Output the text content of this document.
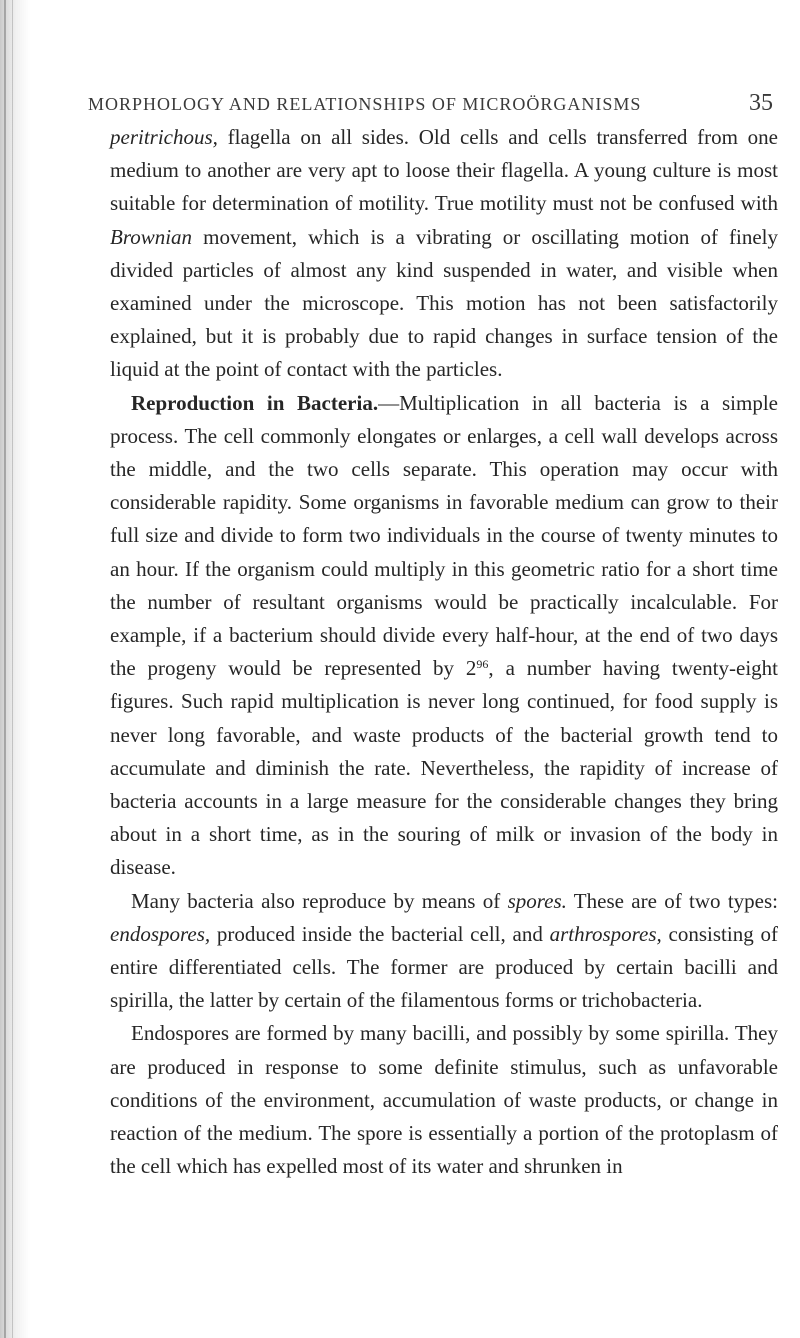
MORPHOLOGY AND RELATIONSHIPS OF MICROÖRGANISMS	35

peritrichous, flagella on all sides. Old cells and cells transferred from one medium to another are very apt to loose their flagella. A young culture is most suitable for determination of motility. True motility must not be confused with Brownian movement, which is a vibrating or oscillating motion of finely divided particles of almost any kind suspended in water, and visible when examined under the microscope. This motion has not been satisfactorily explained, but it is probably due to rapid changes in surface tension of the liquid at the point of contact with the particles.

Reproduction in Bacteria.—Multiplication in all bacteria is a simple process. The cell commonly elongates or enlarges, a cell wall develops across the middle, and the two cells separate. This operation may occur with considerable rapidity. Some organisms in favorable medium can grow to their full size and divide to form two individuals in the course of twenty minutes to an hour. If the organism could multiply in this geometric ratio for a short time the number of resultant organisms would be practically incalculable. For example, if a bacterium should divide every half-hour, at the end of two days the progeny would be represented by $2^{96}$, a number having twenty-eight figures. Such rapid multiplication is never long continued, for food supply is never long favorable, and waste products of the bacterial growth tend to accumulate and diminish the rate. Nevertheless, the rapidity of increase of bacteria accounts in a large measure for the considerable changes they bring about in a short time, as in the souring of milk or invasion of the body in disease.

Many bacteria also reproduce by means of spores. These are of two types: endospores, produced inside the bacterial cell, and arthrospores, consisting of entire differentiated cells. The former are produced by certain bacilli and spirilla, the latter by certain of the filamentous forms or trichobacteria.

Endospores are formed by many bacilli, and possibly by some spirilla. They are produced in response to some definite stimulus, such as unfavorable conditions of the environment, accumulation of waste products, or change in reaction of the medium. The spore is essentially a portion of the protoplasm of the cell which has expelled most of its water and shrunken in
